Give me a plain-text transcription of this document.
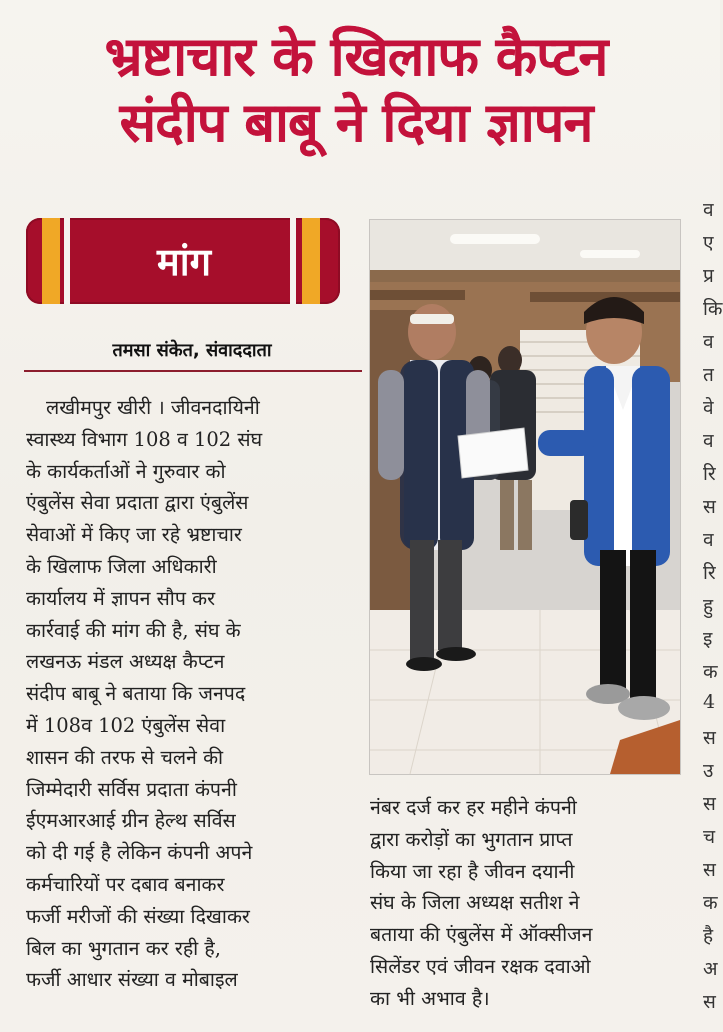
भ्रष्टाचार के खिलाफ कैप्टन
संदीप बाबू ने दिया ज्ञापन
मांग
तमसा संकेत, संवाददाता
लखीमपुर खीरी । जीवनदायिनी
स्वास्थ्य विभाग 108 व 102 संघ
के कार्यकर्ताओं ने गुरुवार को
एंबुलेंस सेवा प्रदाता द्वारा एंबुलेंस
सेवाओं में किए जा रहे भ्रष्टाचार
के खिलाफ जिला अधिकारी
कार्यालय में ज्ञापन सौप कर
कार्रवाई की मांग की है, संघ के
लखनऊ मंडल अध्यक्ष कैप्टन
संदीप बाबू ने बताया कि जनपद
में 108व 102 एंबुलेंस सेवा
शासन की तरफ से चलने की
जिम्मेदारी सर्विस प्रदाता कंपनी
ईएमआरआई ग्रीन हेल्थ सर्विस
को दी गई है लेकिन कंपनी अपने
कर्मचारियों पर दबाव बनाकर
फर्जी मरीजों की संख्या दिखाकर
बिल का भुगतान कर रही है,
फर्जी आधार संख्या व मोबाइल
नंबर दर्ज कर हर महीने कंपनी
द्वारा करोड़ों का भुगतान प्राप्त
किया जा रहा है जीवन दयानी
संघ के जिला अध्यक्ष सतीश ने
बताया की एंबुलेंस में ऑक्सीजन
सिलेंडर एवं जीवन रक्षक दवाओ
का भी अभाव है।
व
ए
प्र
कि
व
त
वे
व
रि
स
व
रि
हु
इ
क
4
स
उ
स
च
स
क
है
अ
स
